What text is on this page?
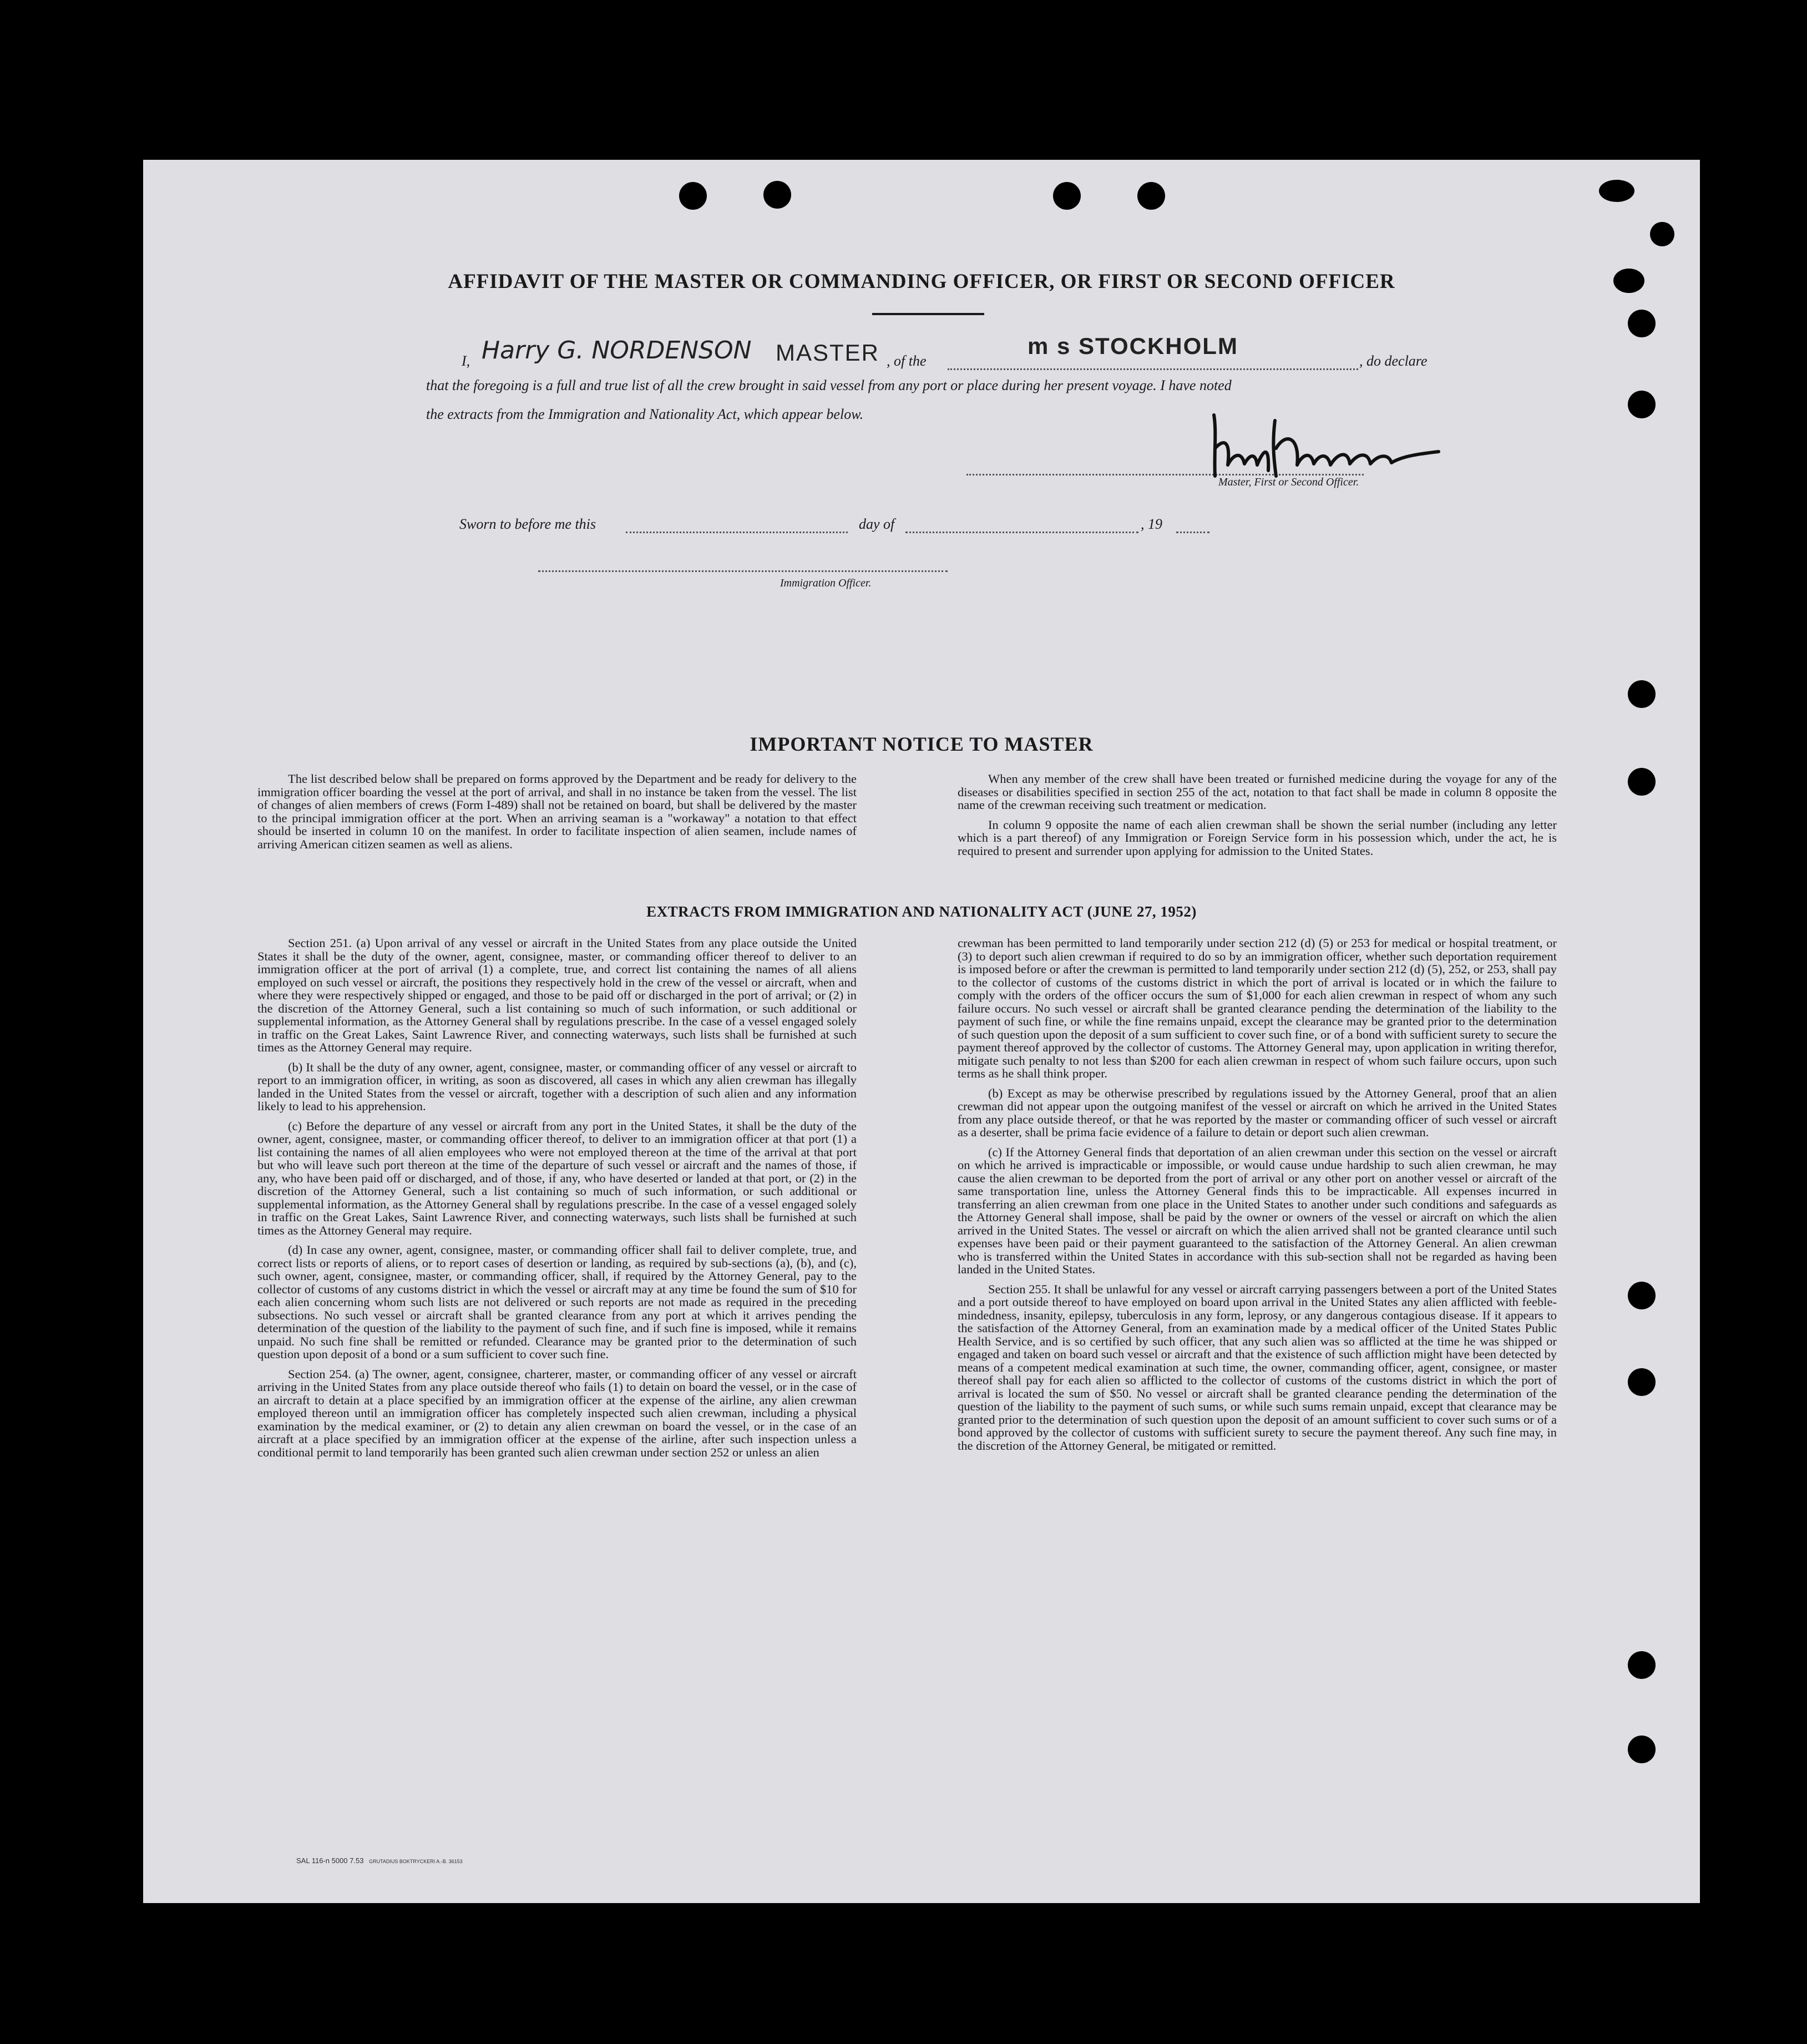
AFFIDAVIT OF THE MASTER OR COMMANDING OFFICER, OR FIRST OR SECOND OFFICER
I, Harry G. NORDENSON MASTER , of the
m s STOCKHOLM
, do declare
that the foregoing is a full and true list of all the crew brought in said vessel from any port or place during her present voyage. I have noted
the extracts from the Immigration and Nationality Act, which appear below.
Master, First or Second Officer.
Sworn to before me this	day of	, 19
Immigration Officer.
IMPORTANT NOTICE TO MASTER

The list described below shall be prepared on forms approved by the Department and be ready for delivery to the immigration officer boarding the vessel at the port of arrival, and shall in no instance be taken from the vessel. The list of changes of alien members of crews (Form I-489) shall not be retained on board, but shall be delivered by the master to the principal immigration officer at the port. When an arriving seaman is a "workaway" a notation to that effect should be inserted in column 10 on the manifest. In order to facilitate inspection of alien seamen, include names of arriving American citizen seamen as well as aliens.

When any member of the crew shall have been treated or furnished medicine during the voyage for any of the diseases or disabilities specified in section 255 of the act, notation to that fact shall be made in column 8 opposite the name of the crewman receiving such treatment or medication.

In column 9 opposite the name of each alien crewman shall be shown the serial number (including any letter which is a part thereof) of any Immigration or Foreign Service form in his possession which, under the act, he is required to present and surrender upon applying for admission to the United States.

EXTRACTS FROM IMMIGRATION AND NATIONALITY ACT (JUNE 27, 1952)

Section 251. (a) Upon arrival of any vessel or aircraft in the United States from any place outside the United States it shall be the duty of the owner, agent, consignee, master, or commanding officer thereof to deliver to an immigration officer at the port of arrival (1) a complete, true, and correct list containing the names of all aliens employed on such vessel or aircraft, the positions they respectively hold in the crew of the vessel or aircraft, when and where they were respectively shipped or engaged, and those to be paid off or discharged in the port of arrival; or (2) in the discretion of the Attorney General, such a list containing so much of such information, or such additional or supplemental information, as the Attorney General shall by regulations prescribe. In the case of a vessel engaged solely in traffic on the Great Lakes, Saint Lawrence River, and connecting waterways, such lists shall be furnished at such times as the Attorney General may require.

(b) It shall be the duty of any owner, agent, consignee, master, or commanding officer of any vessel or aircraft to report to an immigration officer, in writing, as soon as discovered, all cases in which any alien crewman has illegally landed in the United States from the vessel or aircraft, together with a description of such alien and any information likely to lead to his apprehension.

(c) Before the departure of any vessel or aircraft from any port in the United States, it shall be the duty of the owner, agent, consignee, master, or commanding officer thereof, to deliver to an immigration officer at that port (1) a list containing the names of all alien employees who were not employed thereon at the time of the arrival at that port but who will leave such port thereon at the time of the departure of such vessel or aircraft and the names of those, if any, who have been paid off or discharged, and of those, if any, who have deserted or landed at that port, or (2) in the discretion of the Attorney General, such a list containing so much of such information, or such additional or supplemental information, as the Attorney General shall by regulations prescribe. In the case of a vessel engaged solely in traffic on the Great Lakes, Saint Lawrence River, and connecting waterways, such lists shall be furnished at such times as the Attorney General may require.

(d) In case any owner, agent, consignee, master, or commanding officer shall fail to deliver complete, true, and correct lists or reports of aliens, or to report cases of desertion or landing, as required by sub-sections (a), (b), and (c), such owner, agent, consignee, master, or commanding officer, shall, if required by the Attorney General, pay to the collector of customs of any customs district in which the vessel or aircraft may at any time be found the sum of $10 for each alien concerning whom such lists are not delivered or such reports are not made as required in the preceding subsections. No such vessel or aircraft shall be granted clearance from any port at which it arrives pending the determination of the question of the liability to the payment of such fine, and if such fine is imposed, while it remains unpaid. No such fine shall be remitted or refunded. Clearance may be granted prior to the determination of such question upon deposit of a bond or a sum sufficient to cover such fine.

Section 254. (a) The owner, agent, consignee, charterer, master, or commanding officer of any vessel or aircraft arriving in the United States from any place outside thereof who fails (1) to detain on board the vessel, or in the case of an aircraft to detain at a place specified by an immigration officer at the expense of the airline, any alien crewman employed thereon until an immigration officer has completely inspected such alien crewman, including a physical examination by the medical examiner, or (2) to detain any alien crewman on board the vessel, or in the case of an aircraft at a place specified by an immigration officer at the expense of the airline, after such inspection unless a conditional permit to land temporarily has been granted such alien crewman under section 252 or unless an alien

crewman has been permitted to land temporarily under section 212 (d) (5) or 253 for medical or hospital treatment, or (3) to deport such alien crewman if required to do so by an immigration officer, whether such deportation requirement is imposed before or after the crewman is permitted to land temporarily under section 212 (d) (5), 252, or 253, shall pay to the collector of customs of the customs district in which the port of arrival is located or in which the failure to comply with the orders of the officer occurs the sum of $1,000 for each alien crewman in respect of whom any such failure occurs. No such vessel or aircraft shall be granted clearance pending the determination of the liability to the payment of such fine, or while the fine remains unpaid, except the clearance may be granted prior to the determination of such question upon the deposit of a sum sufficient to cover such fine, or of a bond with sufficient surety to secure the payment thereof approved by the collector of customs. The Attorney General may, upon application in writing therefor, mitigate such penalty to not less than $200 for each alien crewman in respect of whom such failure occurs, upon such terms as he shall think proper.

(b) Except as may be otherwise prescribed by regulations issued by the Attorney General, proof that an alien crewman did not appear upon the outgoing manifest of the vessel or aircraft on which he arrived in the United States from any place outside thereof, or that he was reported by the master or commanding officer of such vessel or aircraft as a deserter, shall be prima facie evidence of a failure to detain or deport such alien crewman.

(c) If the Attorney General finds that deportation of an alien crewman under this section on the vessel or aircraft on which he arrived is impracticable or impossible, or would cause undue hardship to such alien crewman, he may cause the alien crewman to be deported from the port of arrival or any other port on another vessel or aircraft of the same transportation line, unless the Attorney General finds this to be impracticable. All expenses incurred in transferring an alien crewman from one place in the United States to another under such conditions and safeguards as the Attorney General shall impose, shall be paid by the owner or owners of the vessel or aircraft on which the alien arrived in the United States. The vessel or aircraft on which the alien arrived shall not be granted clearance until such expenses have been paid or their payment guaranteed to the satisfaction of the Attorney General. An alien crewman who is transferred within the United States in accordance with this sub-section shall not be regarded as having been landed in the United States.

Section 255. It shall be unlawful for any vessel or aircraft carrying passengers between a port of the United States and a port outside thereof to have employed on board upon arrival in the United States any alien afflicted with feeble-mindedness, insanity, epilepsy, tuberculosis in any form, leprosy, or any dangerous contagious disease. If it appears to the satisfaction of the Attorney General, from an examination made by a medical officer of the United States Public Health Service, and is so certified by such officer, that any such alien was so afflicted at the time he was shipped or engaged and taken on board such vessel or aircraft and that the existence of such affliction might have been detected by means of a competent medical examination at such time, the owner, commanding officer, agent, consignee, or master thereof shall pay for each alien so afflicted to the collector of customs of the customs district in which the port of arrival is located the sum of $50. No vessel or aircraft shall be granted clearance pending the determination of the question of the liability to the payment of such sums, or while such sums remain unpaid, except that clearance may be granted prior to the determination of such question upon the deposit of an amount sufficient to cover such sums or of a bond approved by the collector of customs with sufficient surety to secure the payment thereof. Any such fine may, in the discretion of the Attorney General, be mitigated or remitted.

SAL 116-n 5000 7.53 GRUTADIUS BOKTRYCKERI A.-B. 36153
